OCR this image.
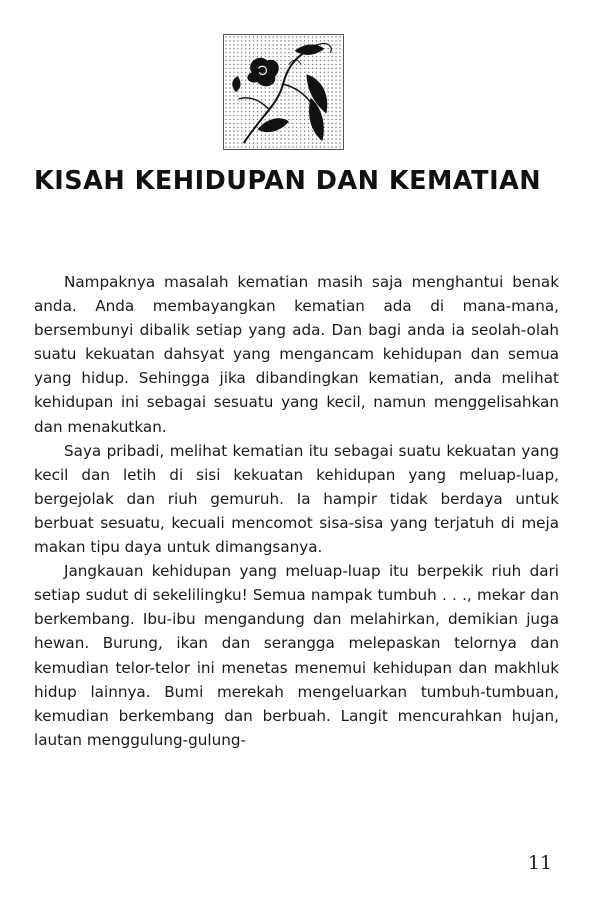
KISAH KEHIDUPAN DAN KEMATIAN

Nampaknya masalah kematian masih saja menghantui benak anda. Anda membayangkan kematian ada di mana-mana, bersembunyi dibalik setiap yang ada. Dan bagi anda ia seolah-olah suatu kekuatan dahsyat yang mengancam kehidupan dan semua yang hidup. Sehingga jika dibandingkan kematian, anda melihat kehidupan ini sebagai sesuatu yang kecil, namun menggelisahkan dan menakutkan.

Saya pribadi, melihat kematian itu sebagai suatu kekuatan yang kecil dan letih di sisi kekuatan kehidupan yang meluap-luap, bergejolak dan riuh gemuruh. Ia hampir tidak berdaya untuk berbuat sesuatu, kecuali mencomot sisa-sisa yang terjatuh di meja makan tipu daya untuk dimangsanya.

Jangkauan kehidupan yang meluap-luap itu berpekik riuh dari setiap sudut di sekelilingku! Semua nampak tumbuh . . ., mekar dan berkembang. Ibu-ibu mengandung dan melahirkan, demikian juga hewan. Burung, ikan dan serangga melepaskan telornya dan kemudian telor-telor ini menetas menemui kehidupan dan makhluk hidup lainnya. Bumi merekah mengeluarkan tumbuh-tumbuan, kemudian berkembang dan berbuah. Langit mencurahkan hujan, lautan menggulung-gulung-

11
